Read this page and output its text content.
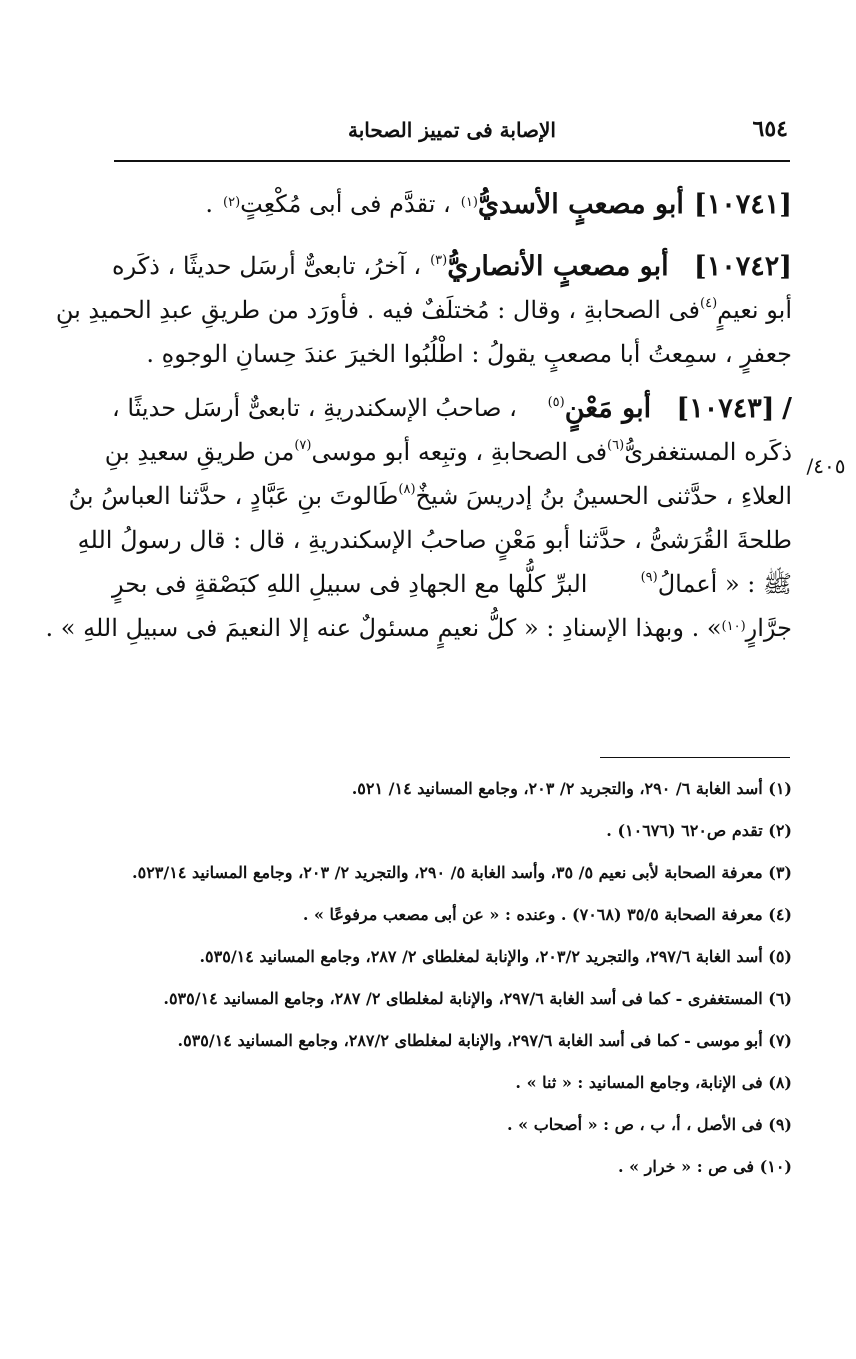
٦٥٤
الإصابة فى تمييز الصحابة
٤٠٥/
[١٠٧٤١]
أبو مصعبٍ الأسديُّ
$^{(١)}$
، تقدَّم فى أبى مُكْعِتٍ
$^{(٢)}$
.
[١٠٧٤٢]  أبو مصعبٍ الأنصاريُّ$^{(٣)}$
، آخرُ، تابعىٌّ أرسَل حديثًا ، ذكَره
أبو نعيمٍ$^{(٤)}$
فى الصحابةِ ، وقال : مُختلَفٌ فيه . فأورَد من طريقِ عبدِ الحميدِ بنِ
جعفرٍ ، سمِعتُ أبا مصعبٍ يقولُ : اطْلُبُوا الخيرَ عندَ حِسانِ الوجوهِ .
/ [١٠٧٤٣]  أبو مَعْنٍ$^{(٥)}$
، صاحبُ الإسكندريةِ ، تابعىٌّ أرسَل حديثًا ،
ذكَره المستغفرىُّ$^{(٦)}$
فى الصحابةِ ، وتبِعه أبو موسى$^{(٧)}$
من طريقِ سعيدِ بنِ
العلاءِ ، حدَّثنى الحسينُ بنُ إدريسَ شيخٌ$^{(٨)}$
طَالوتَ بنِ عَبَّادٍ ، حدَّثنا العباسُ بنُ
طلحةَ القُرَشىُّ ، حدَّثنا أبو مَعْنٍ صاحبُ الإسكندريةِ ، قال : قال رسولُ اللهِ
ﷺ : « أعمالُ$^{(٩)}$
البرِّ كلُّها مع الجهادِ فى سبيلِ اللهِ كبَصْقةٍ فى بحرٍ
جرَّارٍ
$^{(١٠)}$
» . وبهذا الإسنادِ : « كلُّ نعيمٍ مسئولٌ عنه إلا النعيمَ فى سبيلِ اللهِ » .
(١) أسد الغابة ٦/ ٢٩٠، والتجريد ٢/ ٢٠٣، وجامع المسانيد ١٤/ ٥٢١.
(٢) تقدم ص٦٢٠ (١٠٦٧٦) .
(٣) معرفة الصحابة لأبى نعيم ٥/ ٣٥، وأسد الغابة ٥/ ٢٩٠، والتجريد ٢/ ٢٠٣، وجامع المسانيد ٥٢٣/١٤.
(٤) معرفة الصحابة ٣٥/٥ (٧٠٦٨) . وعنده : « عن أبى مصعب مرفوعًا » .
(٥) أسد الغابة ٢٩٧/٦، والتجريد ٢٠٣/٢، والإنابة لمغلطاى ٢/ ٢٨٧، وجامع المسانيد ٥٣٥/١٤.
(٦) المستغفرى - كما فى أسد الغابة ٢٩٧/٦، والإنابة لمغلطاى ٢/ ٢٨٧، وجامع المسانيد ٥٣٥/١٤.
(٧) أبو موسى - كما فى أسد الغابة ٢٩٧/٦، والإنابة لمغلطاى ٢٨٧/٢، وجامع المسانيد ٥٣٥/١٤.
(٨) فى الإنابة، وجامع المسانيد : « ثنا » .
(٩) فى الأصل ، أ، ب ، ص : « أصحاب » .
(١٠) فى ص : « خرار » .
